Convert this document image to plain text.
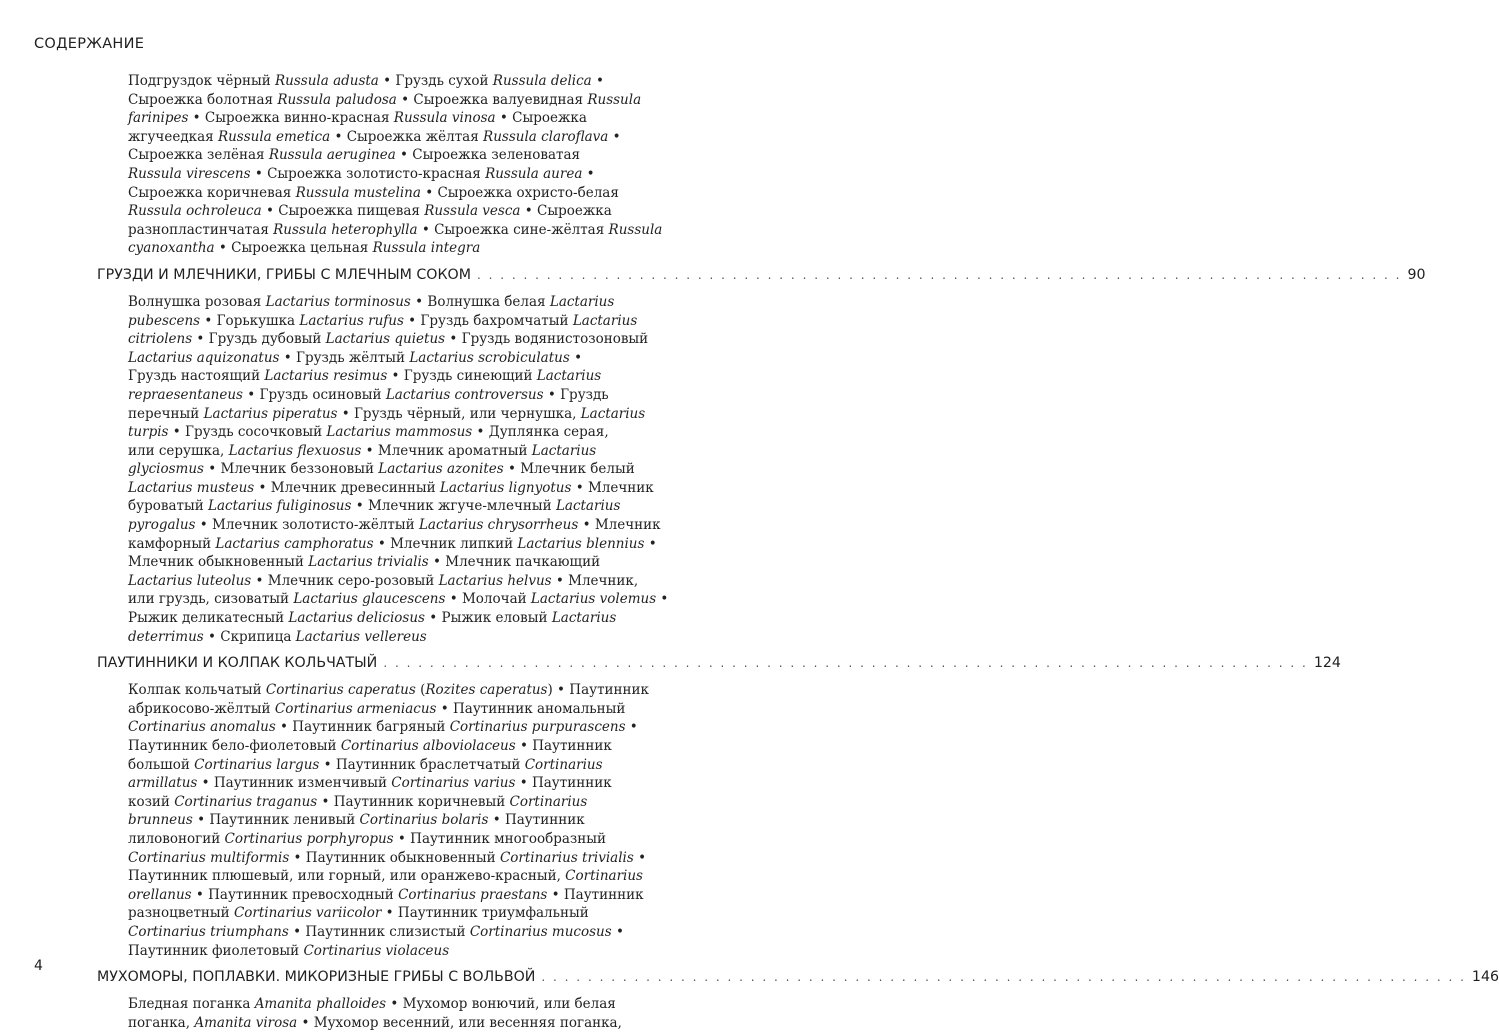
СОДЕРЖАНИЕ

Подгруздок чёрный Russula adusta • Груздь сухой Russula delica •

Сыроежка болотная Russula paludosa • Сыроежка валуевидная Russula

farinipes • Сыроежка винно-красная Russula vinosa • Сыроежка

жгучеедкая Russula emetica • Сыроежка жёлтая Russula claroflava •

Сыроежка зелёная Russula aeruginea • Сыроежка зеленоватая

Russula virescens • Сыроежка золотисто-красная Russula aurea •

Сыроежка коричневая Russula mustelina • Сыроежка охристо-белая

Russula ochroleuca • Сыроежка пищевая Russula vesca • Сыроежка

разнопластинчатая Russula heterophylla • Сыроежка сине-жёлтая Russula

cyanoxantha • Сыроежка цельная Russula integra

ГРУЗДИ И МЛЕЧНИКИ, ГРИБЫ С МЛЕЧНЫМ СОКОМ . . . . . . . . . . . . . . . . . . . . . . . . . . . . . . . . . . . . . . . . . . . . . . . . . . . . . . . . . . . . . . . . . . . . . . . . . . . . . . . . 90

Волнушка розовая Lactarius torminosus • Волнушка белая Lactarius

pubescens • Горькушка Lactarius rufus • Груздь бахромчатый Lactarius

citriolens • Груздь дубовый Lactarius quietus • Груздь водянистозоновый

Lactarius aquizonatus • Груздь жёлтый Lactarius scrobiculatus •

Груздь настоящий Lactarius resimus • Груздь синеющий Lactarius

repraesentaneus • Груздь осиновый Lactarius controversus • Груздь

перечный Lactarius piperatus • Груздь чёрный, или чернушка, Lactarius

turpis • Груздь сосочковый Lactarius mammosus • Дуплянка серая,

или серушка, Lactarius flexuosus • Млечник ароматный Lactarius

glyciosmus • Млечник беззоновый Lactarius azonites • Млечник белый

Lactarius musteus • Млечник древесинный Lactarius lignyotus • Млечник

буроватый Lactarius fuliginosus • Млечник жгуче-млечный Lactarius

pyrogalus • Млечник золотисто-жёлтый Lactarius chrysorrheus • Млечник

камфорный Lactarius camphoratus • Млечник липкий Lactarius blennius •

Млечник обыкновенный Lactarius trivialis • Млечник пачкающий

Lactarius luteolus • Млечник серо-розовый Lactarius helvus • Млечник,

или груздь, сизоватый Lactarius glaucescens • Молочай Lactarius volemus •

Рыжик деликатесный Lactarius deliciosus • Рыжик еловый Lactarius

deterrimus • Скрипица Lactarius vellereus

ПАУТИННИКИ И КОЛПАК КОЛЬЧАТЫЙ . . . . . . . . . . . . . . . . . . . . . . . . . . . . . . . . . . . . . . . . . . . . . . . . . . . . . . . . . . . . . . . . . . . . . . . . . . . . . . . . 124

Колпак кольчатый Cortinarius caperatus (Rozites caperatus) • Паутинник

абрикосово-жёлтый Cortinarius armeniacus • Паутинник аномальный

Cortinarius anomalus • Паутинник багряный Cortinarius purpurascens •

Паутинник бело-фиолетовый Cortinarius alboviolaceus • Паутинник

большой Cortinarius largus • Паутинник браслетчатый Cortinarius

armillatus • Паутинник изменчивый Cortinarius varius • Паутинник

козий Cortinarius traganus • Паутинник коричневый Cortinarius

brunneus • Паутинник ленивый Cortinarius bolaris • Паутинник

лиловоногий Cortinarius porphyropus • Паутинник многообразный

Cortinarius multiformis • Паутинник обыкновенный Cortinarius trivialis •

Паутинник плюшевый, или горный, или оранжево-красный, Cortinarius

orellanus • Паутинник превосходный Cortinarius praestans • Паутинник

разноцветный Cortinarius variicolor • Паутинник триумфальный

Cortinarius triumphans • Паутинник слизистый Cortinarius mucosus •

Паутинник фиолетовый Cortinarius violaceus

МУХОМОРЫ, ПОПЛАВКИ. МИКОРИЗНЫЕ ГРИБЫ С ВОЛЬВОЙ . . . . . . . . . . . . . . . . . . . . . . . . . . . . . . . . . . . . . . . . . . . . . . . . . . . . . . . . . . . . . . . . . . . . . . . . . . . . . . . . 146

Бледная поганка Amanita phalloides • Мухомор вонючий, или белая

поганка, Amanita virosa • Мухомор весенний, или весенняя поганка,

4
